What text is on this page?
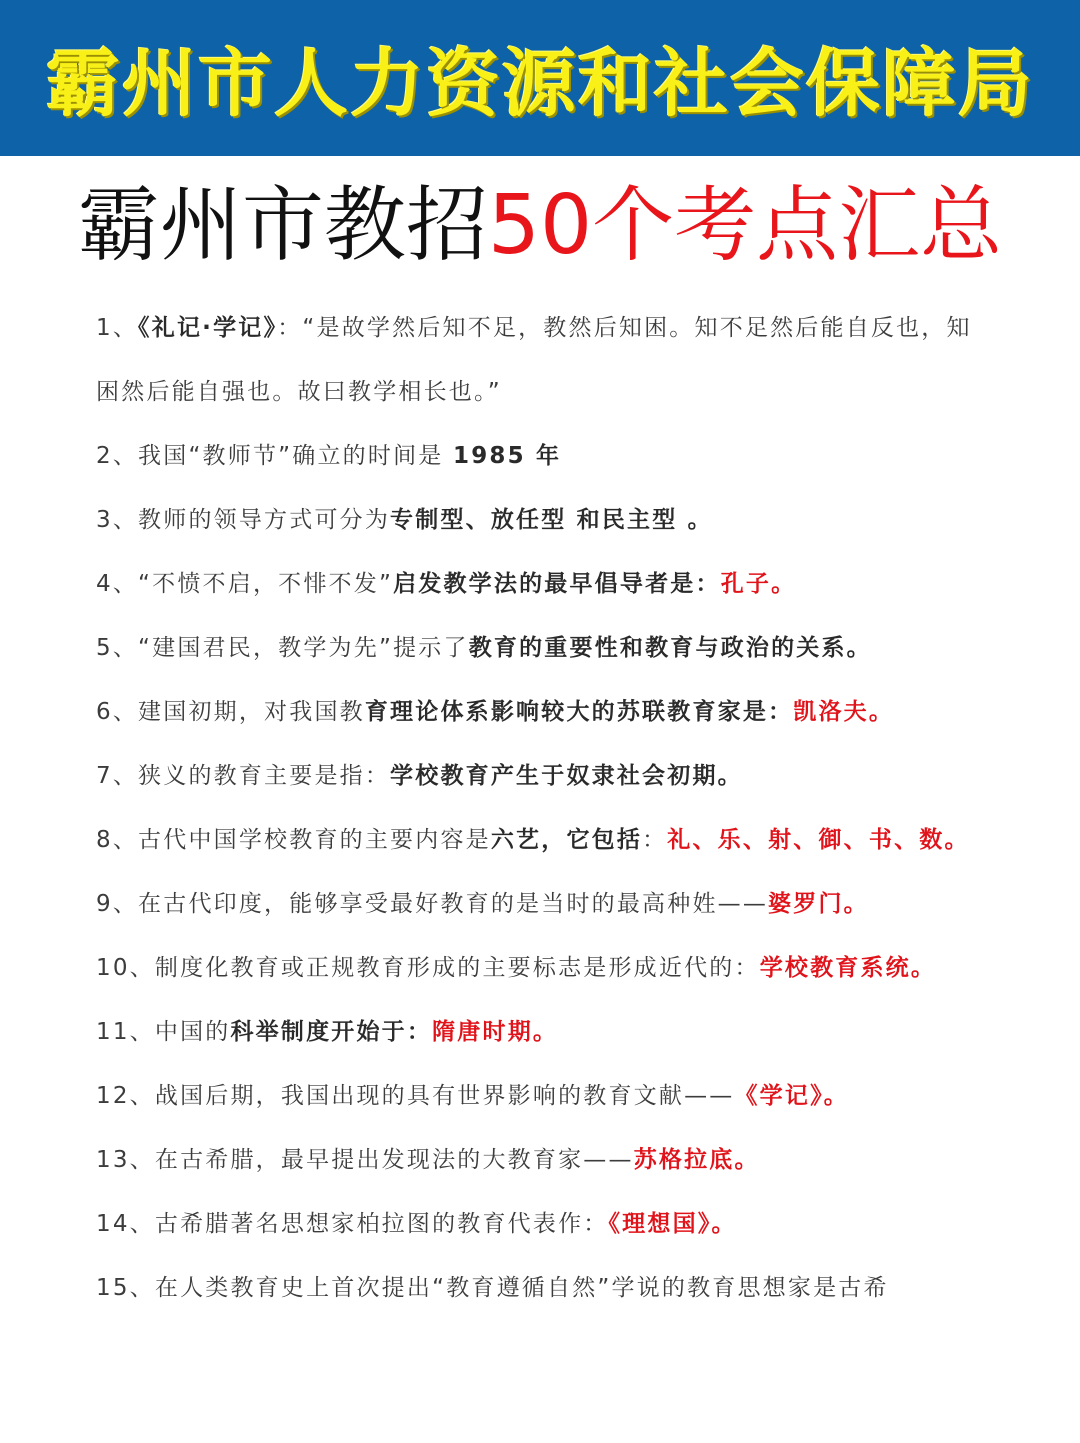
霸州市人力资源和社会保障局
霸州市教招 50个考点汇总
1、《礼记·学记》：“是故学然后知不足，教然后知困。知不足然后能自反也，知困然后能自强也。故曰教学相长也。”
2、我国“教师节”确立的时间是 1985 年
3、教师的领导方式可分为专制型、放任型 和民主型 。
4、“不愤不启，不悱不发”启发教学法的最早倡导者是：孔子。
5、“建国君民，教学为先”提示了教育的重要性和教育与政治的关系。
6、建国初期，对我国教育理论体系影响较大的苏联教育家是：凯洛夫。
7、狭义的教育主要是指：学校教育产生于奴隶社会初期。
8、古代中国学校教育的主要内容是六艺，它包括：礼、乐、射、御、书、数。
9、在古代印度，能够享受最好教育的是当时的最高种姓——婆罗门。
10、制度化教育或正规教育形成的主要标志是形成近代的：学校教育系统。
11、中国的科举制度开始于：隋唐时期。
12、战国后期，我国出现的具有世界影响的教育文献——《学记》。
13、在古希腊，最早提出发现法的大教育家——苏格拉底。
14、古希腊著名思想家柏拉图的教育代表作：《理想国》。
15、在人类教育史上首次提出“教育遵循自然”学说的教育思想家是古希
